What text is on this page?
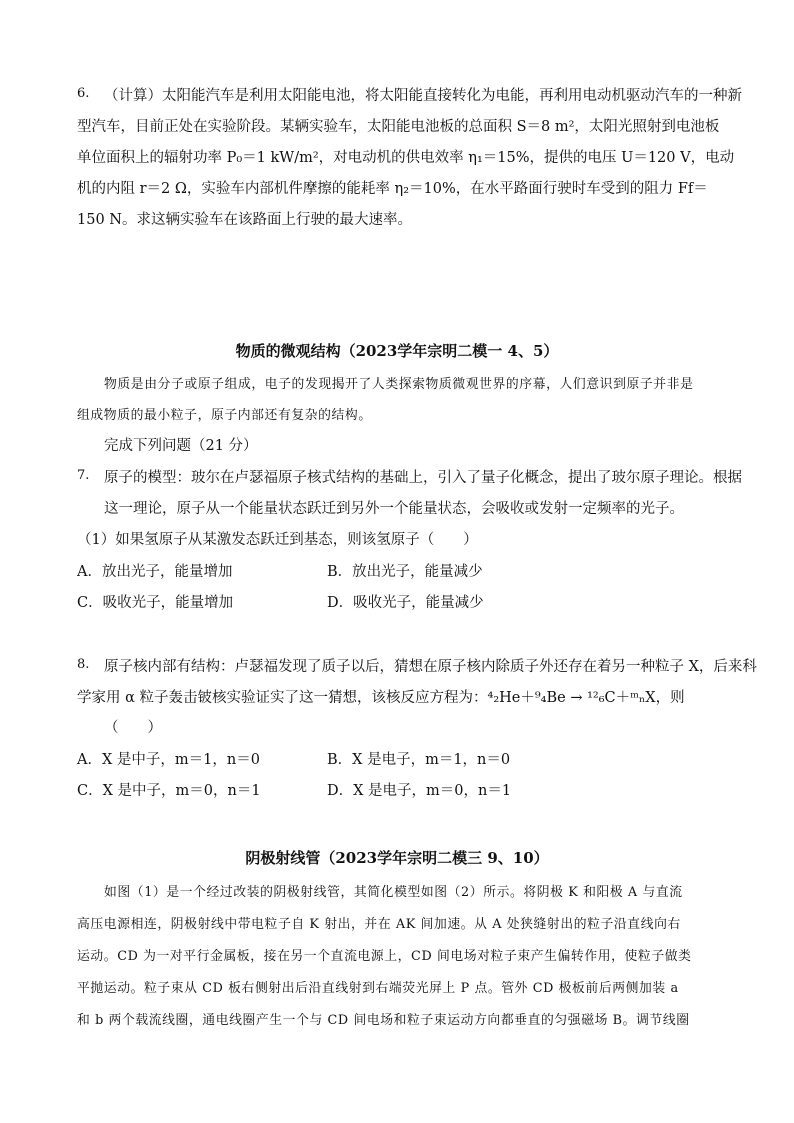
6. （计算）太阳能汽车是利用太阳能电池，将太阳能直接转化为电能，再利用电动机驱动汽车的一种新
型汽车，目前正处在实验阶段。某辆实验车，太阳能电池板的总面积 S＝8 m²，太阳光照射到电池板
单位面积上的辐射功率 P₀＝1 kW/m²，对电动机的供电效率 η₁＝15%，提供的电压 U＝120 V，电动
机的内阻 r＝2 Ω，实验车内部机件摩擦的能耗率 η₂＝10%，在水平路面行驶时车受到的阻力 Ff＝
150 N。求这辆实验车在该路面上行驶的最大速率。
物质的微观结构（2023学年宗明二模一 4、5）
物质是由分子或原子组成，电子的发现揭开了人类探索物质微观世界的序幕，人们意识到原子并非是
组成物质的最小粒子，原子内部还有复杂的结构。
完成下列问题（21 分）
7. 原子的模型：玻尔在卢瑟福原子核式结构的基础上，引入了量子化概念，提出了玻尔原子理论。根据
这一理论，原子从一个能量状态跃迁到另外一个能量状态，会吸收或发射一定频率的光子。
（1）如果氢原子从某激发态跃迁到基态，则该氢原子（　　）
A．放出光子，能量增加	B．放出光子，能量减少
C．吸收光子，能量增加	D．吸收光子，能量减少
8. 原子核内部有结构：卢瑟福发现了质子以后，猜想在原子核内除质子外还存在着另一种粒子 X，后来科
学家用 α 粒子轰击铍核实验证实了这一猜想，该核反应方程为：⁴₂He＋⁹₄Be → ¹²₆C＋ᵐₙX，则
（　　）
A．X 是中子，m＝1，n＝0	B．X 是电子，m＝1，n＝0
C．X 是中子，m＝0，n＝1	D．X 是电子，m＝0，n＝1
阴极射线管（2023学年宗明二模三 9、10）
如图（1）是一个经过改装的阴极射线管，其简化模型如图（2）所示。将阴极 K 和阳极 A 与直流
高压电源相连，阴极射线中带电粒子自 K 射出，并在 AK 间加速。从 A 处狭缝射出的粒子沿直线向右
运动。CD 为一对平行金属板，接在另一个直流电源上，CD 间电场对粒子束产生偏转作用，使粒子做类
平抛运动。粒子束从 CD 板右侧射出后沿直线射到右端荧光屏上 P 点。管外 CD 极板前后两侧加装 a
和 b 两个载流线圈，通电线圈产生一个与 CD 间电场和粒子束运动方向都垂直的匀强磁场 B。调节线圈
